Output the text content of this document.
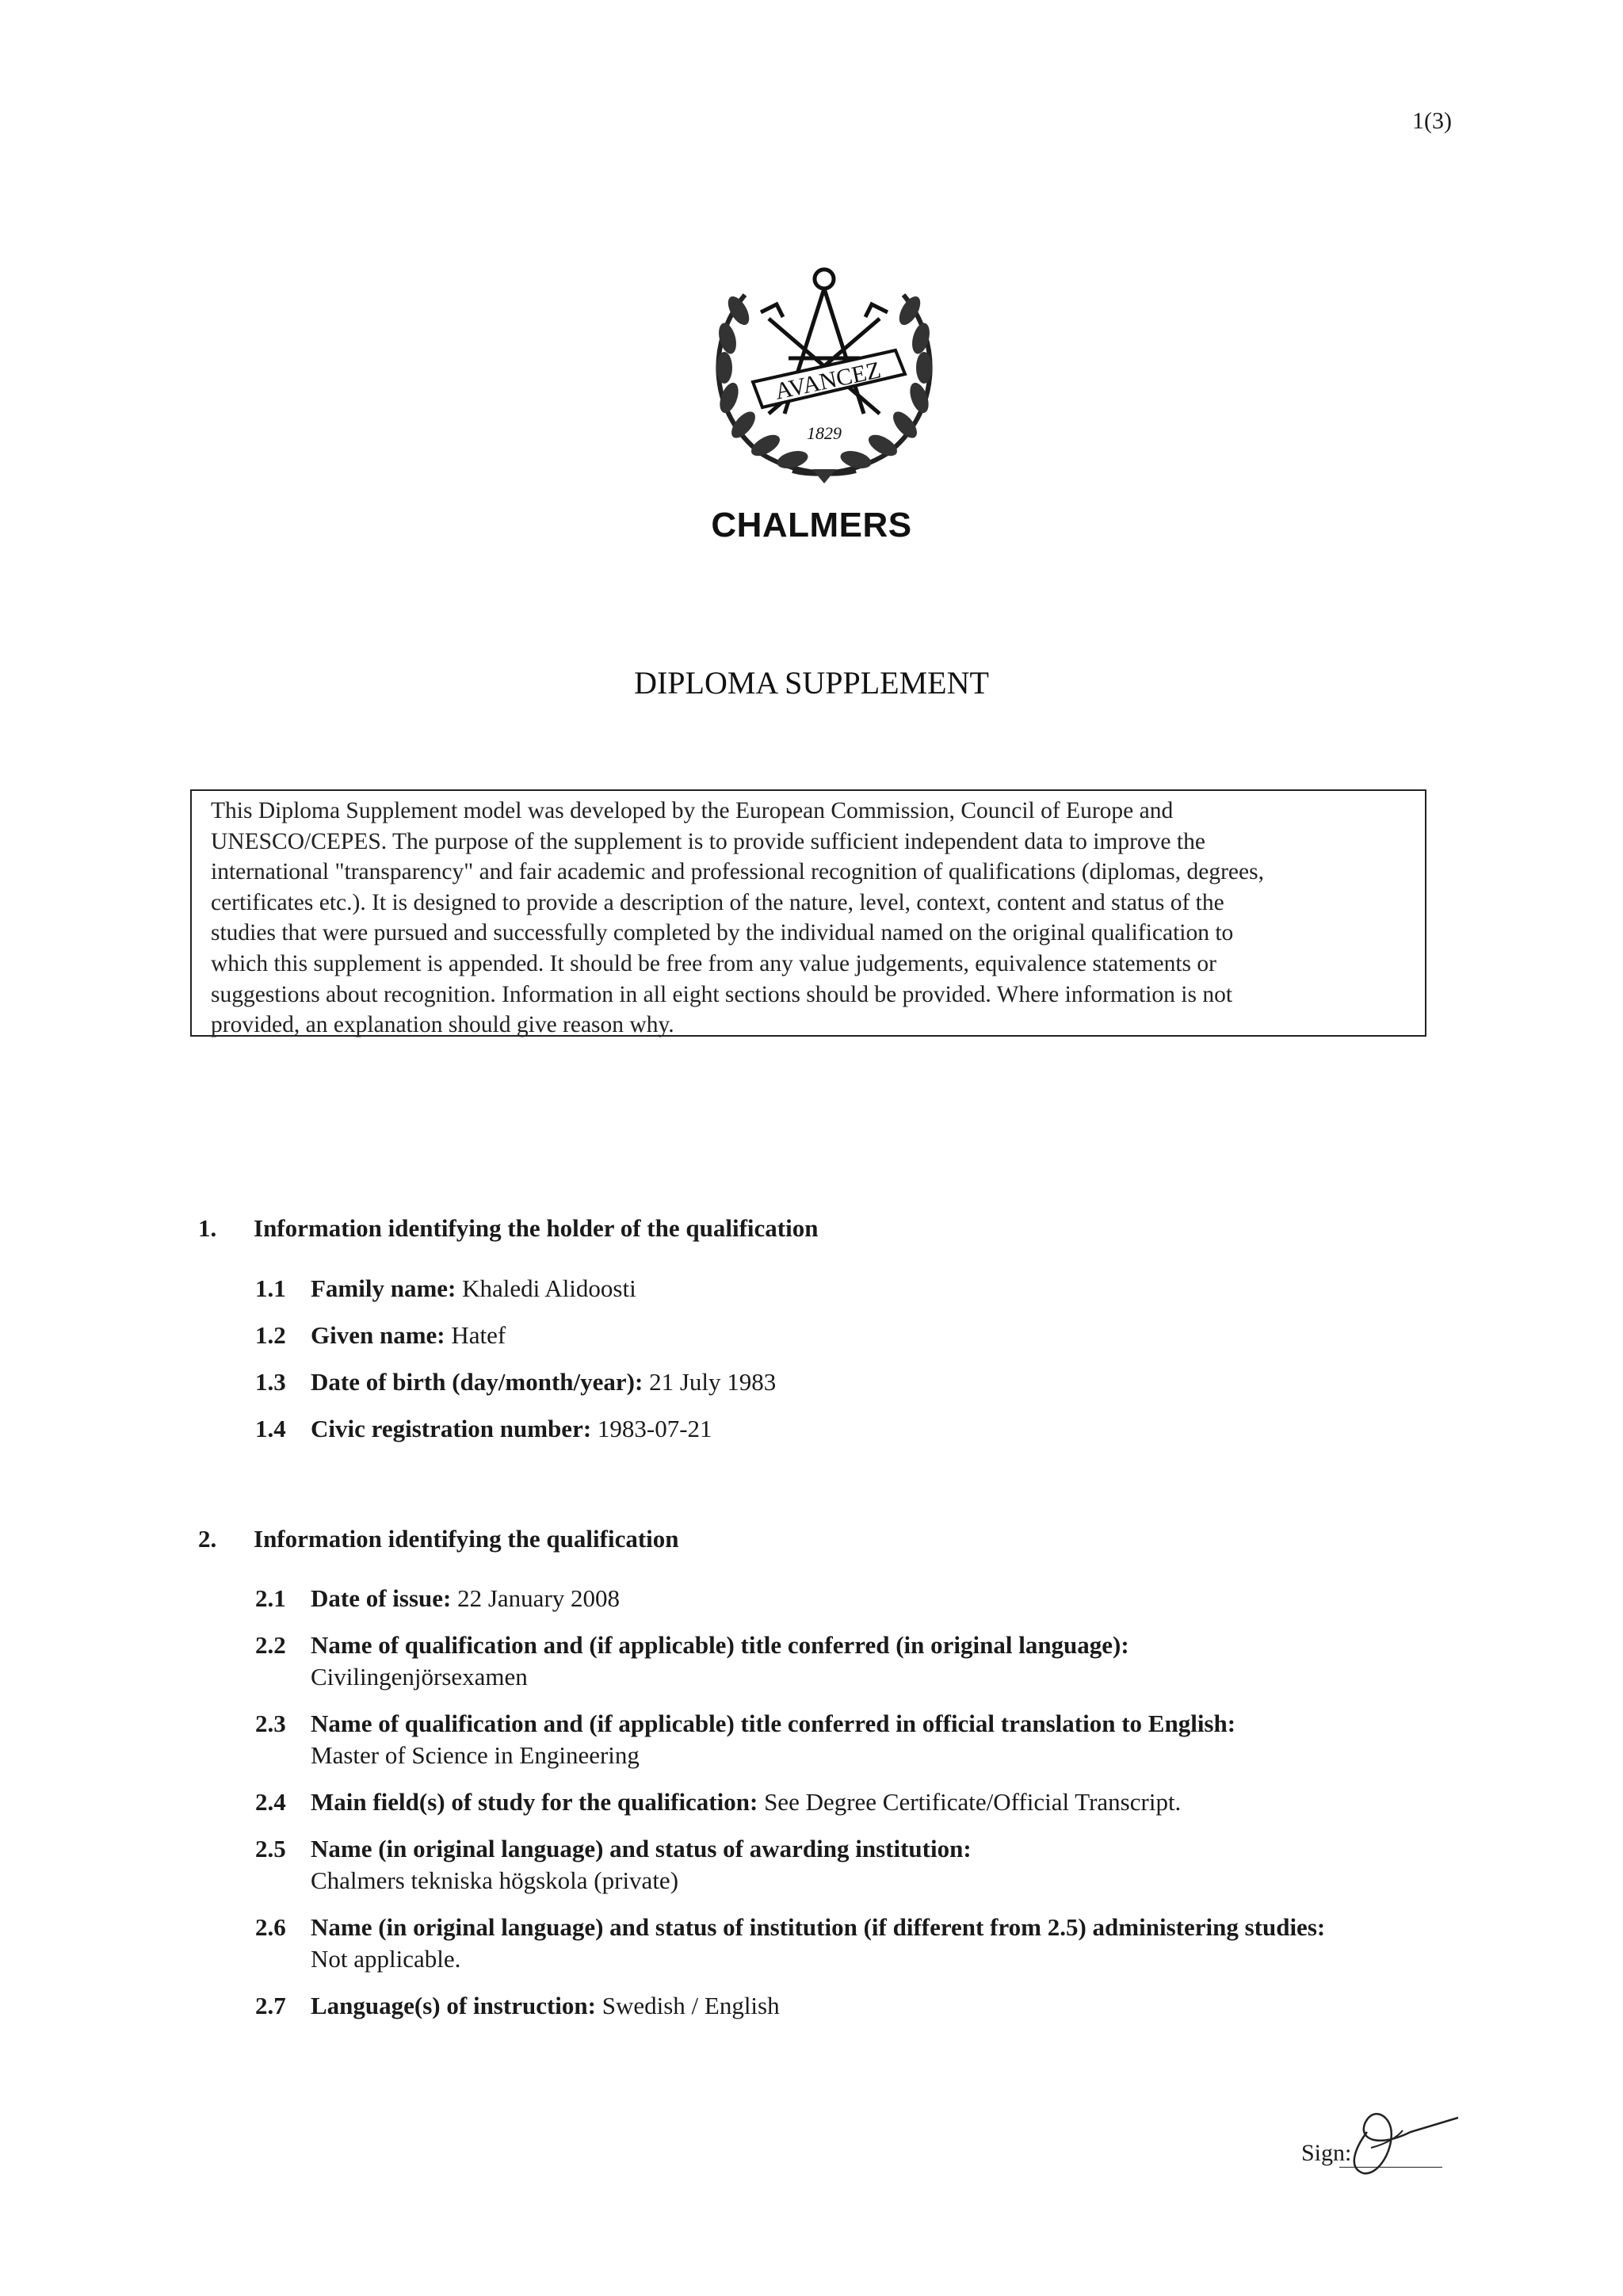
1(3)
AVANCEZ
1829
CHALMERS
DIPLOMA SUPPLEMENT
This Diploma Supplement model was developed by the European Commission, Council of Europe and
UNESCO/CEPES. The purpose of the supplement is to provide sufficient independent data to improve the
international "transparency" and fair academic and professional recognition of qualifications (diplomas, degrees,
certificates etc.). It is designed to provide a description of the nature, level, context, content and status of the
studies that were pursued and successfully completed by the individual named on the original qualification to
which this supplement is appended. It should be free from any value judgements, equivalence statements or
suggestions about recognition. Information in all eight sections should be provided. Where information is not
provided, an explanation should give reason why.
1. Information identifying the holder of the qualification
1.1 Family name: Khaledi Alidoosti
1.2 Given name: Hatef
1.3 Date of birth (day/month/year): 21 July 1983
1.4 Civic registration number: 1983-07-21
2. Information identifying the qualification
2.1 Date of issue: 22 January 2008
2.2 Name of qualification and (if applicable) title conferred (in original language):
Civilingenjörsexamen
2.3 Name of qualification and (if applicable) title conferred in official translation to English:
Master of Science in Engineering
2.4 Main field(s) of study for the qualification: See Degree Certificate/Official Transcript.
2.5 Name (in original language) and status of awarding institution:
Chalmers tekniska högskola (private)
2.6 Name (in original language) and status of institution (if different from 2.5) administering studies:
Not applicable.
2.7 Language(s) of instruction: Swedish / English
Sign:
